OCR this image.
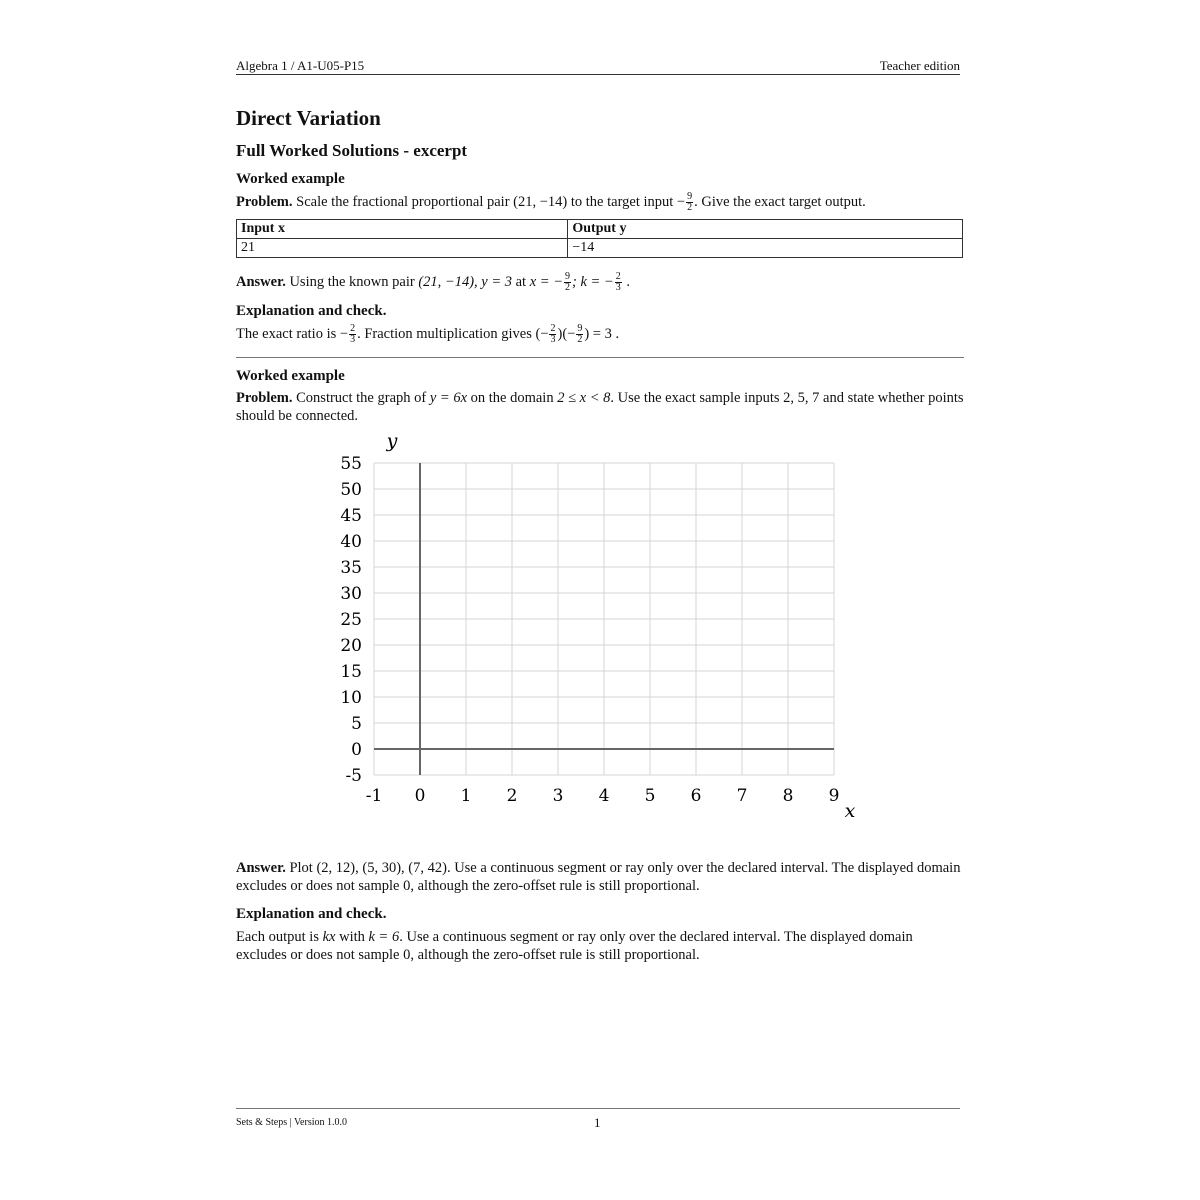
Algebra 1 / A1-U05-P15	Teacher edition
Direct Variation
Full Worked Solutions - excerpt
Worked example

Problem. Scale the fractional proportional pair (21, −14) to the target input − $\frac{9}{2}$ . Give the exact target output.

Input x	Output y
21	−14

Answer. Using the known pair (21, −14), y = 3 at x = − $\frac{9}{2}$ ; k = − $\frac{2}{3}$ .

Explanation and check.

The exact ratio is − $\frac{2}{3}$ . Fraction multiplication gives (− $\frac{2}{3}$ )(− $\frac{9}{2}$ ) = 3 .

Worked example

Problem. Construct the graph of y = 6x on the domain 2 ≤ x < 8. Use the exact sample inputs 2, 5, 7 and state whether points should be connected.

55
50
45
40
35
30
25
20
15
10
5
0
-5
-1 0 1 2 3 4 5 6 7 8 9
y
x

Answer. Plot (2, 12), (5, 30), (7, 42). Use a continuous segment or ray only over the declared interval. The displayed domain excludes or does not sample 0, although the zero-offset rule is still proportional.

Explanation and check.

Each output is kx with k = 6. Use a continuous segment or ray only over the declared interval. The displayed domain excludes or does not sample 0, although the zero-offset rule is still proportional.

Sets & Steps | Version 1.0.0	1
